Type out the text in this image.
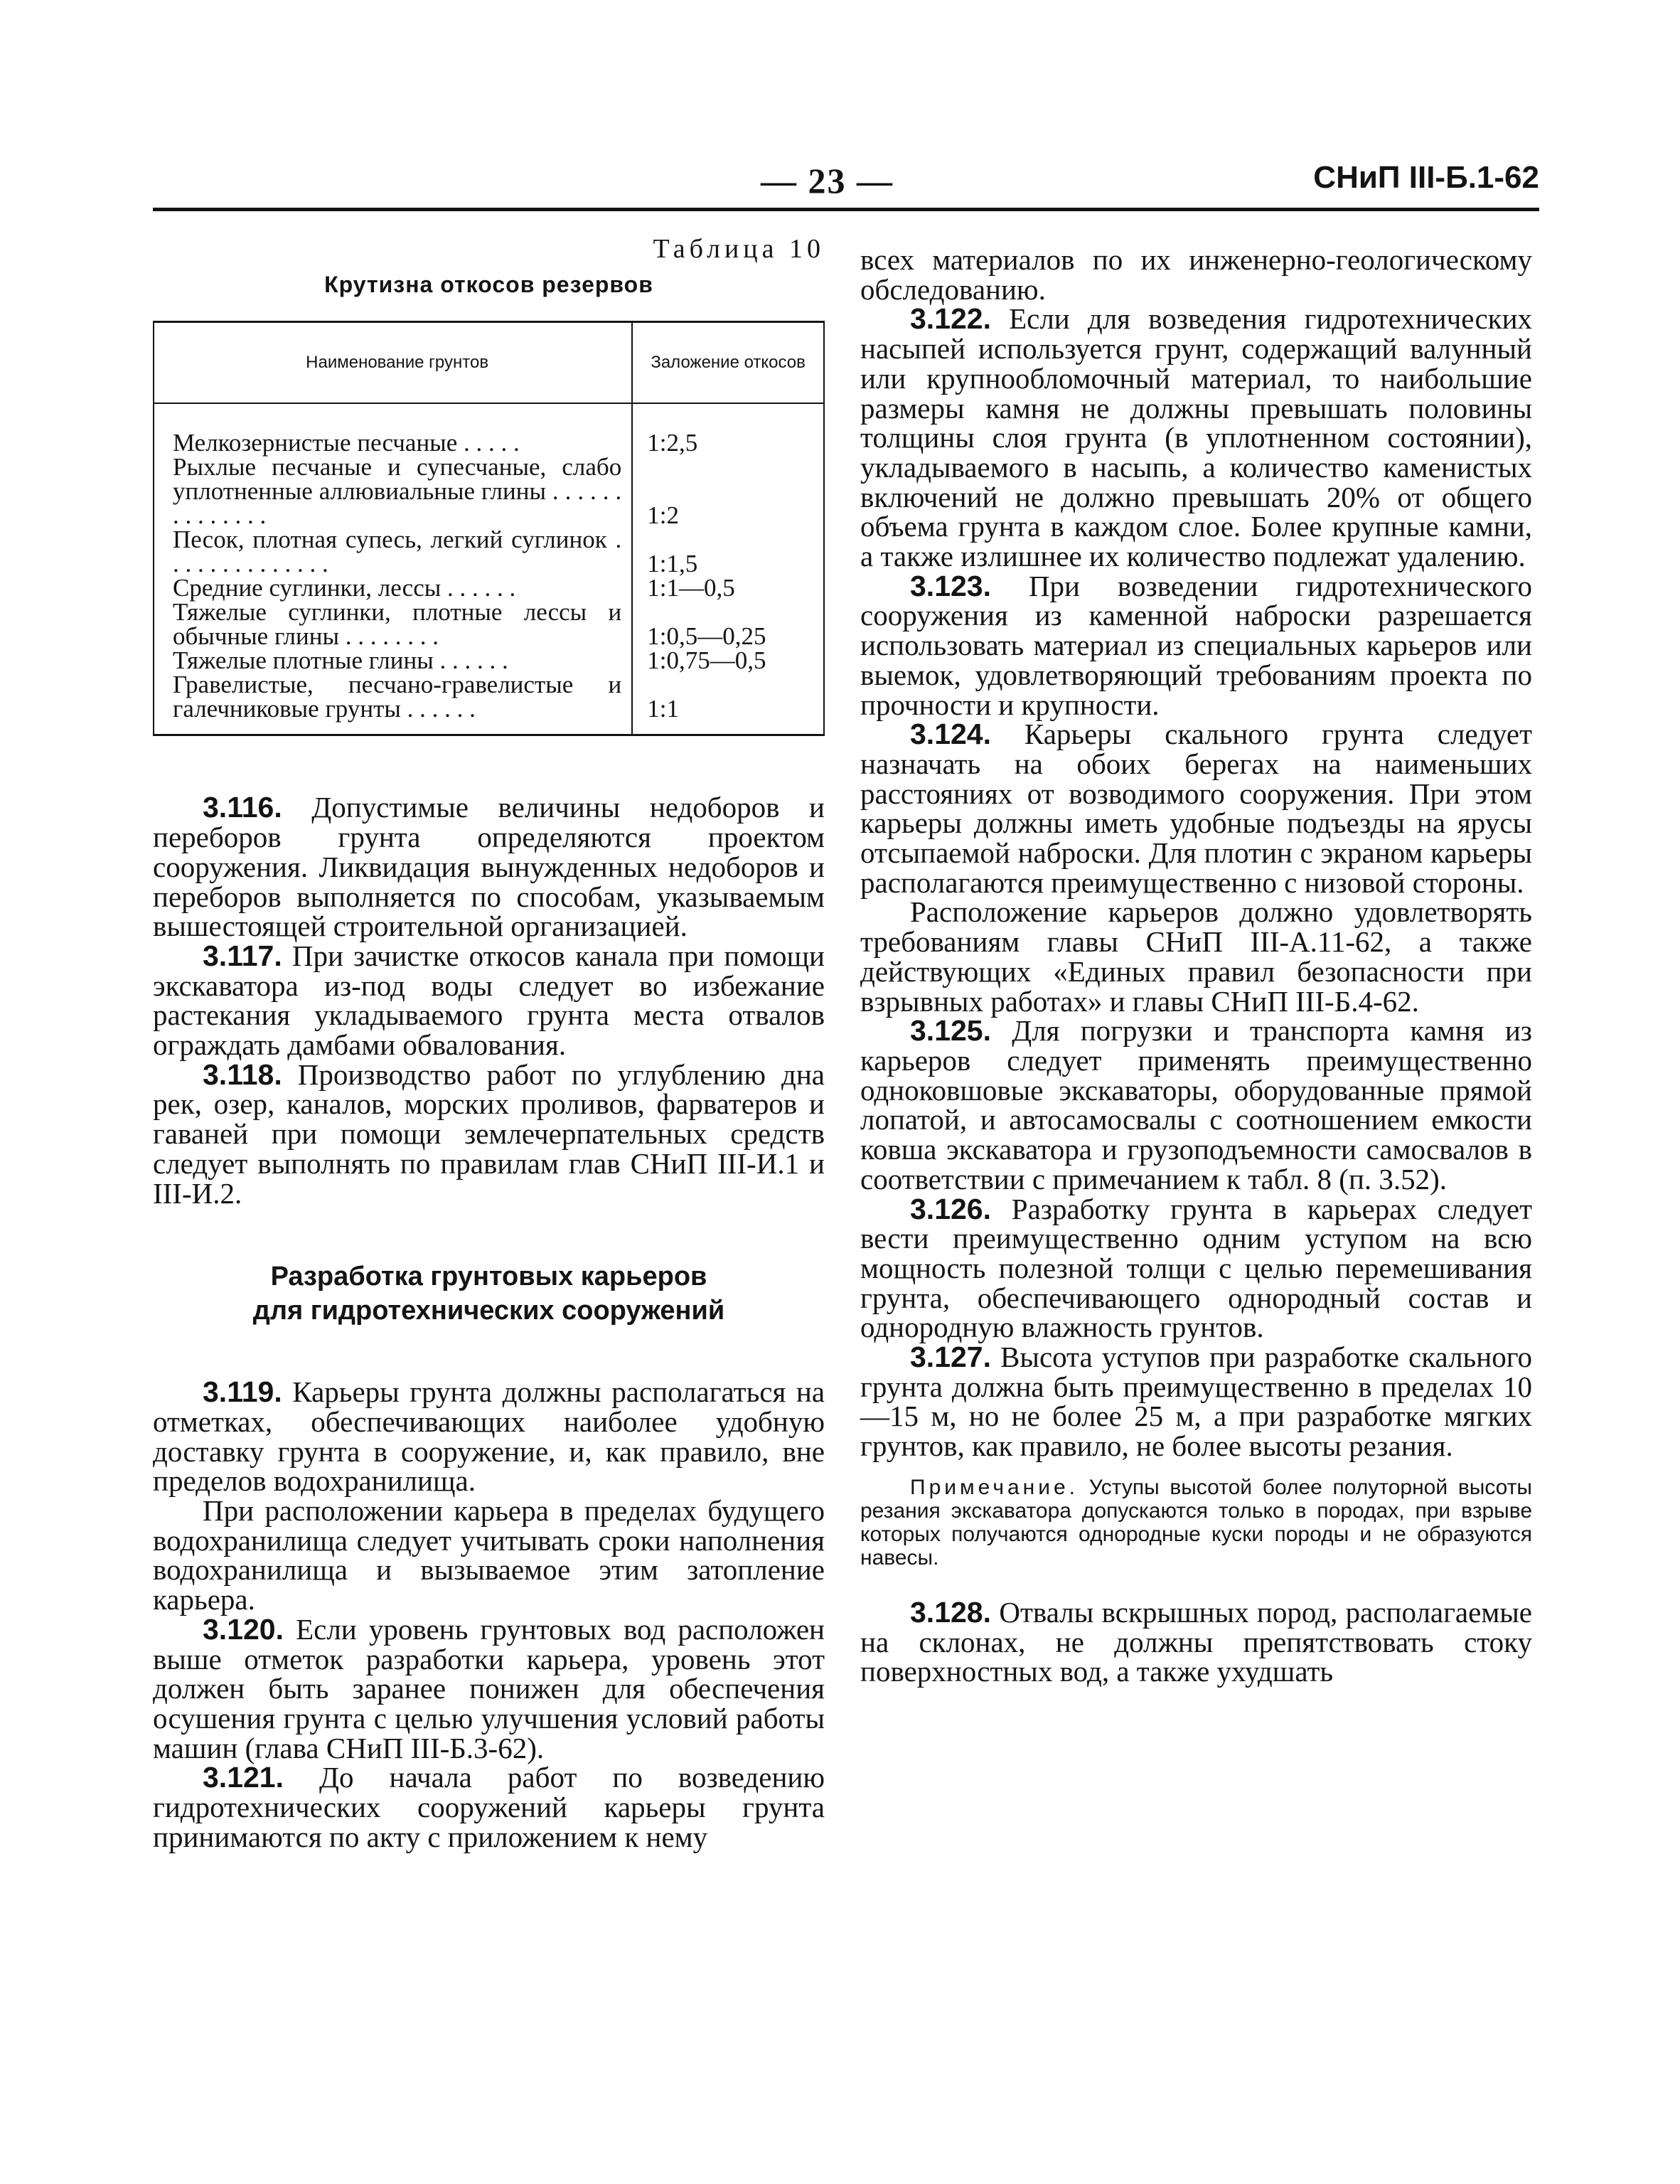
— 23 —	СНиП III-Б.1-62
Таблица 10
Крутизна откосов резервов
Наименование грунтов	Заложение откосов
Мелкозернистые песчаные . . . . .	1:2,5
Рыхлые песчаные и супесчаные, слабо уплотненные аллювиальные глины . . . . . . . . . . . . . .	1:2
Песок, плотная супесь, легкий суглинок . . . . . . . . . . . . . .	1:1,5
Средние суглинки, лессы . . . . . .	1:1—0,5
Тяжелые суглинки, плотные лессы и обычные глины . . . . . . . .	1:0,5—0,25
Тяжелые плотные глины . . . . . .	1:0,75—0,5
Гравелистые, песчано-гравелистые и галечниковые грунты . . . . . .	1:1

3.116. Допустимые величины недоборов и переборов грунта определяются проектом сооружения. Ликвидация вынужденных недоборов и переборов выполняется по способам, указываемым вышестоящей строительной организацией.

3.117. При зачистке откосов канала при помощи экскаватора из-под воды следует во избежание растекания укладываемого грунта места отвалов ограждать дамбами обвалования.

3.118. Производство работ по углублению дна рек, озер, каналов, морских проливов, фарватеров и гаваней при помощи землечерпательных средств следует выполнять по правилам глав СНиП III-И.1 и III-И.2.

Разработка грунтовых карьеров
для гидротехнических сооружений

3.119. Карьеры грунта должны располагаться на отметках, обеспечивающих наиболее удобную доставку грунта в сооружение, и, как правило, вне пределов водохранилища.

При расположении карьера в пределах будущего водохранилища следует учитывать сроки наполнения водохранилища и вызываемое этим затопление карьера.

3.120. Если уровень грунтовых вод расположен выше отметок разработки карьера, уровень этот должен быть заранее понижен для обеспечения осушения грунта с целью улучшения условий работы машин (глава СНиП III-Б.3-62).

3.121. До начала работ по возведению гидротехнических сооружений карьеры грунта принимаются по акту с приложением к нему

всех материалов по их инженерно-геологическому обследованию.

3.122. Если для возведения гидротехнических насыпей используется грунт, содержащий валунный или крупнообломочный материал, то наибольшие размеры камня не должны превышать половины толщины слоя грунта (в уплотненном состоянии), укладываемого в насыпь, а количество каменистых включений не должно превышать 20% от общего объема грунта в каждом слое. Более крупные камни, а также излишнее их количество подлежат удалению.

3.123. При возведении гидротехнического сооружения из каменной наброски разрешается использовать материал из специальных карьеров или выемок, удовлетворяющий требованиям проекта по прочности и крупности.

3.124. Карьеры скального грунта следует назначать на обоих берегах на наименьших расстояниях от возводимого сооружения. При этом карьеры должны иметь удобные подъезды на ярусы отсыпаемой наброски. Для плотин с экраном карьеры располагаются преимущественно с низовой стороны.

Расположение карьеров должно удовлетворять требованиям главы СНиП III-А.11-62, а также действующих «Единых правил безопасности при взрывных работах» и главы СНиП III-Б.4-62.

3.125. Для погрузки и транспорта камня из карьеров следует применять преимущественно одноковшовые экскаваторы, оборудованные прямой лопатой, и автосамосвалы с соотношением емкости ковша экскаватора и грузоподъемности самосвалов в соответствии с примечанием к табл. 8 (п. 3.52).

3.126. Разработку грунта в карьерах следует вести преимущественно одним уступом на всю мощность полезной толщи с целью перемешивания грунта, обеспечивающего однородный состав и однородную влажность грунтов.

3.127. Высота уступов при разработке скального грунта должна быть преимущественно в пределах 10—15 м, но не более 25 м, а при разработке мягких грунтов, как правило, не более высоты резания.

Примечание. Уступы высотой более полуторной высоты резания экскаватора допускаются только в породах, при взрыве которых получаются однородные куски породы и не образуются навесы.

3.128. Отвалы вскрышных пород, располагаемые на склонах, не должны препятствовать стоку поверхностных вод, а также ухудшать
